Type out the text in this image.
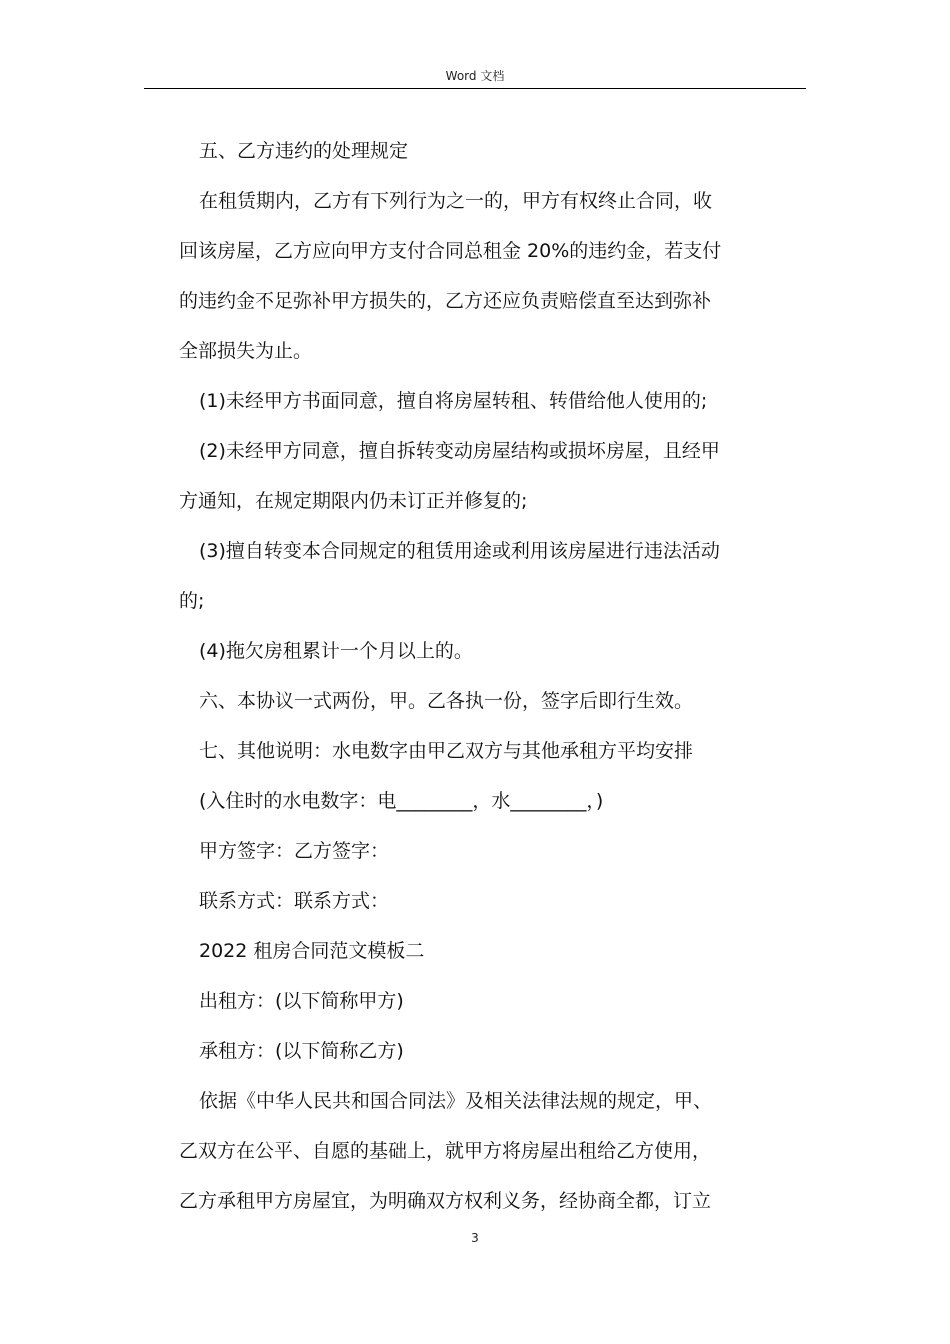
Word 文档
五、乙方违约的处理规定
在租赁期内，乙方有下列行为之一的，甲方有权终止合同，收
回该房屋，乙方应向甲方支付合同总租金 20%的违约金，若支付
的违约金不足弥补甲方损失的，乙方还应负责赔偿直至达到弥补
全部损失为止。
(1)未经甲方书面同意，擅自将房屋转租、转借给他人使用的;
(2)未经甲方同意，擅自拆转变动房屋结构或损坏房屋，且经甲
方通知，在规定期限内仍未订正并修复的;
(3)擅自转变本合同规定的租赁用途或利用该房屋进行违法活动
的;
(4)拖欠房租累计一个月以上的。
六、本协议一式两份，甲。乙各执一份，签字后即行生效。
七、其他说明：水电数字由甲乙双方与其他承租方平均安排
(入住时的水电数字：电________，水________，)
甲方签字：乙方签字：
联系方式：联系方式：
2022 租房合同范文模板二
出租方：(以下简称甲方)
承租方：(以下简称乙方)
依据《中华人民共和国合同法》及相关法律法规的规定，甲、
乙双方在公平、自愿的基础上，就甲方将房屋出租给乙方使用，
乙方承租甲方房屋宜，为明确双方权利义务，经协商全都，订立
3
